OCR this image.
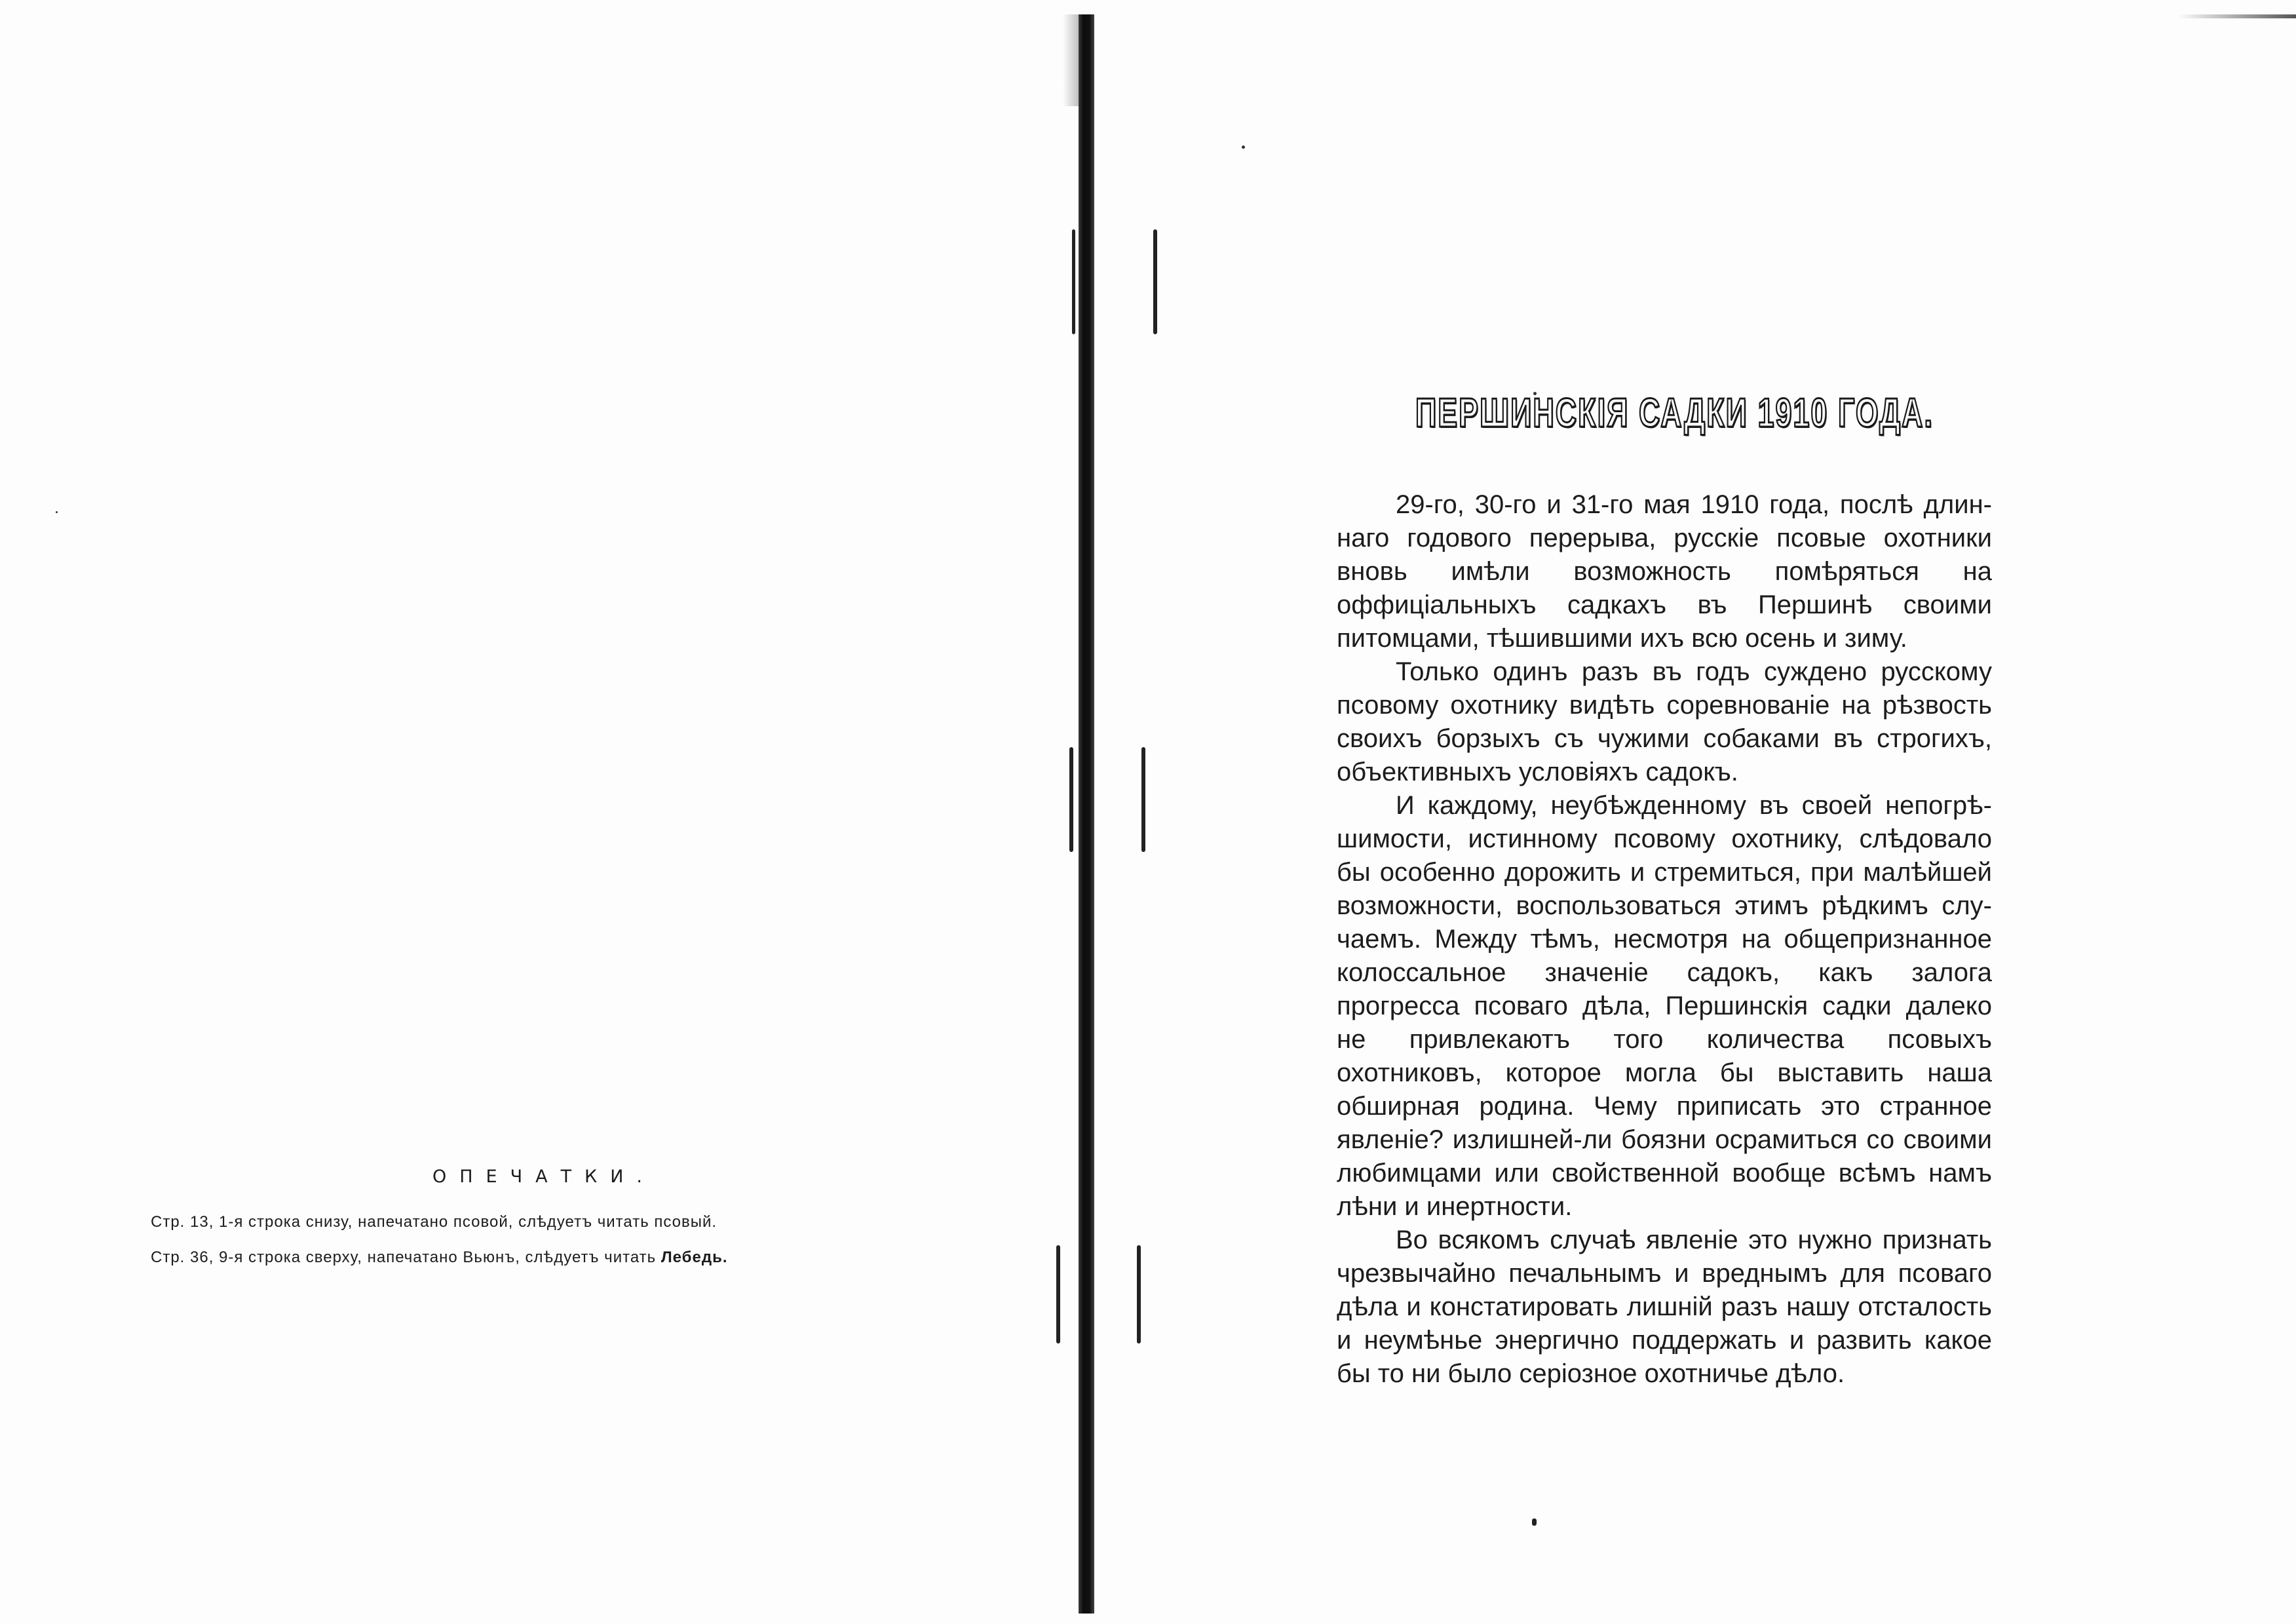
ОПЕЧАТКИ.
Стр. 13, 1-я строка снизу, напечатано псовой, слѣдуетъ читать псовый.
Стр. 36, 9-я строка сверху, напечатано Вьюнъ, слѣдуетъ читать Лебедь.
ПЕРШИНСКІЯ САДКИ 1910 ГОДА.

29-го, 30-го и 31-го мая 1910 года, послѣ длиннаго годового перерыва, русскіе псовые охотники вновь имѣли возможность помѣряться на оффиціальныхъ садкахъ въ Першинѣ своими питомцами, тѣшившими ихъ всю осень и зиму.

Только одинъ разъ въ годъ суждено русскому псовому охотнику видѣть соревнованіе на рѣзвость своихъ борзыхъ съ чужими собаками въ строгихъ, объективныхъ условіяхъ садокъ.

И каждому, неубѣжденному въ своей непогрѣшимости, истинному псовому охотнику, слѣдовало бы особенно дорожить и стремиться, при малѣйшей возможности, воспользоваться этимъ рѣдкимъ случаемъ. Между тѣмъ, несмотря на общепризнанное колоссальное значеніе садокъ, какъ залога прогресса псоваго дѣла, Першинскія садки далеко не привлекаютъ того количества псовыхъ охотниковъ, которое могла бы выставить наша обширная родина. Чему приписать это странное явленіе? излишней-ли боязни осрамиться со своими любимцами или свойственной вообще всѣмъ намъ лѣни и инертности.

Во всякомъ случаѣ явленіе это нужно признать чрезвычайно печальнымъ и вреднымъ для псоваго дѣла и констатировать лишній разъ нашу отсталость и неумѣнье энергично поддержать и развить какое бы то ни было серіозное охотничье дѣло.
